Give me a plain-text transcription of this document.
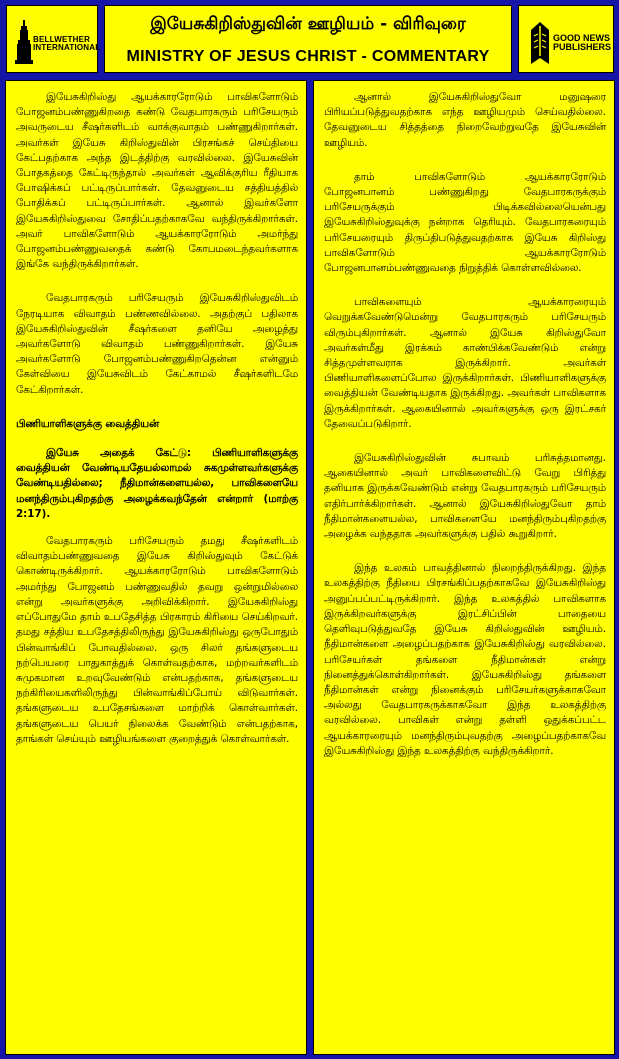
BELLWETHER INTERNATIONAL
இயேசுகிறிஸ்துவின் ஊழியம் - விரிவுரை
MINISTRY OF JESUS CHRIST - COMMENTARY
GOOD NEWS PUBLISHERS

இயேசுகிறிஸ்து ஆயக்காரரோடும் பாவிகளோடும் போஜனம்பண்ணுகிறதை கண்டு வேதபாரகரும் பரிசேயரும் அவருடைய சீஷர்களிடம் வாக்குவாதம் பண்ணுகிறார்கள். அவர்கள் இயேசு கிறிஸ்துவின் பிரசங்கச் செய்தியை கேட்பதற்காக அந்த இடத்திற்கு வரவில்லை. இயேசுவின் போதகத்தை கேட்டிருந்தால் அவர்கள் ஆவிக்குரிய ரீதியாக போஷிக்கப் பட்டிருப்பார்கள். தேவனுடைய சத்தியத்தில் போதிக்கப் பட்டிருப்பார்கள். ஆனால் இவர்களோ இயேசுகிறிஸ்துவை சோதிப்பதற்காகவே வந்திருக்கிறார்கள். அவர் பாவிகளோடும் ஆயக்காரரோடும் அமர்ந்து போஜனம்பண்ணுவதைக் கண்டு கோபமடைந்தவர்களாக இங்கே வந்திருக்கிறார்கள்.

வேதபாரகரும் பரிசேயரும் இயேசுகிறிஸ்துவிடம் நேரடியாக விவாதம் பண்ணவில்லை. அதற்குப் பதிலாக இயேசுகிறிஸ்துவின் சீஷர்களை தனியே அழைத்து அவர்களோடு விவாதம் பண்ணுகிறார்கள். இயேசு அவர்களோடு போஜனம்பண்ணுகிறதென்ன என்னும் கேள்வியை இயேசுவிடம் கேட்காமல் சீஷர்களிடமே கேட்கிறார்கள்.

பிணியாளிகளுக்கு வைத்தியன்

இயேசு அதைக் கேட்டு: பிணியாளிகளுக்கு வைத்தியன் வேண்டியதேயல்லாமல் சுகமுள்ளவர்களுக்கு வேண்டியதில்லை; நீதிமான்களையல்ல, பாவிகளையே மனந்திரும்புகிறதற்கு அழைக்கவந்தேன் என்றார் (மாற்கு 2:17).

வேதபாரகரும் பரிசேயரும் தமது சீஷர்களிடம் விவாதம்பண்ணுவதை இயேசு கிறிஸ்துவும் கேட்டுக் கொண்டிருக்கிறார். ஆயக்காரரோடும் பாவிகளோடும் அமர்ந்து போஜனம் பண்ணுவதில் தவறு ஒன்றுமில்லை என்று அவர்களுக்கு அறிவிக்கிறார். இயேசுகிறிஸ்து எப்போதுமே தாம் உபதேசித்த பிரகாரம் கிரியை செய்கிறவர். தமது சத்திய உபதேசத்திலிருந்து இயேசுகிறிஸ்து ஒருபோதும் பின்வாங்கிப் போவதில்லை. ஒரு சிலர் தங்களுடைய நற்பெயரை பாதுகாத்துக் கொள்வதற்காக, மற்றவர்களிடம் சுமுகமான உறவுவேண்டும் என்பதற்காக, தங்களுடைய நற்கிரியைகளிலிருந்து பின்வாங்கிப்போய் விடுவார்கள். தங்களுடைய உபதேசங்களை மாற்றிக் கொள்வார்கள். தங்களுடைய பெயர் நிலைக்க வேண்டும் என்பதற்காக, தாங்கள் செய்யும் ஊழியங்களை குறைத்துக் கொள்வார்கள்.

ஆனால் இயேசுகிறிஸ்துவோ மனுஷரை பிரியப்படுத்துவதற்காக எந்த ஊழியமும் செய்வதில்லை. தேவனுடைய சித்தத்தை நிறைவேற்றுவதே இயேசுவின் ஊழியம்.

தாம் பாவிகளோடும் ஆயக்காரரோடும் போஜனபானம் பண்ணுகிறது வேதபாரகருக்கும் பரிசேயருக்கும் பிடிக்கவில்லையென்பது இயேசுகிறிஸ்துவுக்கு நன்றாக தெரியும். வேதபாரகரையும் பரிசேயரையும் திருப்திபடுத்துவதற்காக இயேசு கிறிஸ்து பாவிகளோடும் ஆயக்காரரோடும் போஜனபானம்பண்ணுவதை நிறுத்திக் கொள்ளவில்லை.

பாவிகளையும் ஆயக்காரரையும் வெறுக்கவேண்டுமென்று வேதபாரகரும் பரிசேயரும் விரும்புகிறார்கள். ஆனால் இயேசு கிறிஸ்துவோ அவர்கள்மீது இரக்கம் காண்பிக்கவேண்டும் என்று சித்தமுள்ளவராக இருக்கிறார். அவர்கள் பிணியாளிகளைப்போல இருக்கிறார்கள். பிணியாளிகளுக்கு வைத்தியன் வேண்டியதாக இருக்கிறது. அவர்கள் பாவிகளாக இருக்கிறார்கள். ஆகையினால் அவர்களுக்கு ஒரு இரட்சகர் தேவைப்படுகிறார்.

இயேசுகிறிஸ்துவின் சுபாவம் பரிசுத்தமானது. ஆகையினால் அவர் பாவிகளைவிட்டு வேறு பிரித்து தனியாக இருக்கவேண்டும் என்று வேதபாரகரும் பரிசேயரும் எதிர்பார்க்கிறார்கள். ஆனால் இயேசுகிறிஸ்துவோ தாம் நீதிமான்களையல்ல, பாவிகளையே மனந்திரும்புகிறதற்கு அழைக்க வந்ததாக அவர்களுக்கு பதில் கூறுகிறார்.

இந்த உலகம் பாவத்தினால் நிறைந்திருக்கிறது. இந்த உலகத்திற்கு நீதியை பிரசங்கிப்பதற்காகவே இயேசுகிறிஸ்து அனுப்பப்பட்டிருக்கிறார். இந்த உலகத்தில் பாவிகளாக இருக்கிறவர்களுக்கு இரட்சிப்பின் பாதையை தெளிவுபடுத்துவதே இயேசு கிறிஸ்துவின் ஊழியம். நீதிமான்களை அழைப்பதற்காக இயேசுகிறிஸ்து வரவில்லை. பரிசேயர்கள் தங்களை நீதிமான்கள் என்று நினைத்துக்கொள்கிறார்கள். இயேசுகிறிஸ்து தங்களை நீதிமான்கள் என்று நினைக்கும் பரிசேயர்களுக்காகவோ அல்லது வேதபாரகருக்காகவோ இந்த உலகத்திற்கு வரவில்லை. பாவிகள் என்று தள்ளி ஒதுக்கப்பட்ட ஆயக்காரரையும் மனந்திரும்புவதற்கு அழைப்பதற்காகவே இயேசுகிறிஸ்து இந்த உலகத்திற்கு வந்திருக்கிறார்.
